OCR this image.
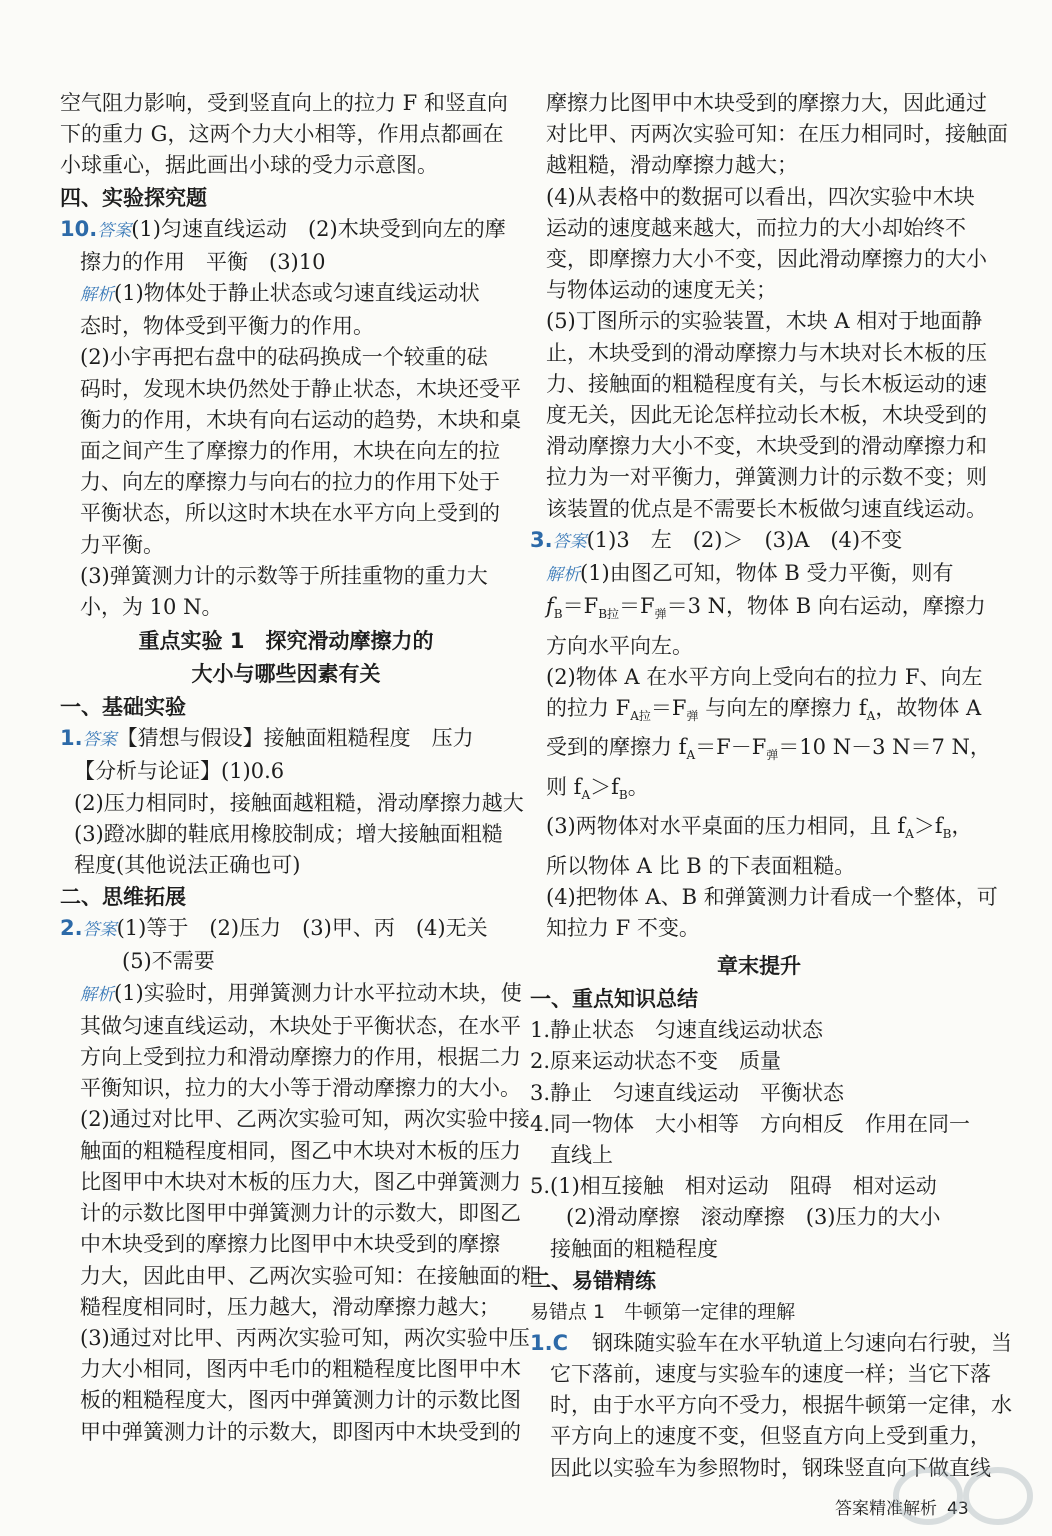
空气阻力影响，受到竖直向上的拉力 F 和竖直向
下的重力 G，这两个力大小相等，作用点都画在
小球重心，据此画出小球的受力示意图。
四、实验探究题
10.答案(1)匀速直线运动　(2)木块受到向左的摩
擦力的作用　平衡　(3)10
解析(1)物体处于静止状态或匀速直线运动状
态时，物体受到平衡力的作用。
(2)小宇再把右盘中的砝码换成一个较重的砝
码时，发现木块仍然处于静止状态，木块还受平
衡力的作用，木块有向右运动的趋势，木块和桌
面之间产生了摩擦力的作用，木块在向左的拉
力、向左的摩擦力与向右的拉力的作用下处于
平衡状态，所以这时木块在水平方向上受到的
力平衡。
(3)弹簧测力计的示数等于所挂重物的重力大
小，为 10 N。
重点实验 1　探究滑动摩擦力的
大小与哪些因素有关
一、基础实验
1.答案【猜想与假设】接触面粗糙程度　压力
【分析与论证】(1)0.6
(2)压力相同时，接触面越粗糙，滑动摩擦力越大
(3)蹬冰脚的鞋底用橡胶制成；增大接触面粗糙
程度(其他说法正确也可)
二、思维拓展
2.答案(1)等于　(2)压力　(3)甲、丙　(4)无关
(5)不需要
解析(1)实验时，用弹簧测力计水平拉动木块，使
其做匀速直线运动，木块处于平衡状态，在水平
方向上受到拉力和滑动摩擦力的作用，根据二力
平衡知识，拉力的大小等于滑动摩擦力的大小。
(2)通过对比甲、乙两次实验可知，两次实验中接
触面的粗糙程度相同，图乙中木块对木板的压力
比图甲中木块对木板的压力大，图乙中弹簧测力
计的示数比图甲中弹簧测力计的示数大，即图乙
中木块受到的摩擦力比图甲中木块受到的摩擦
力大，因此由甲、乙两次实验可知：在接触面的粗
糙程度相同时，压力越大，滑动摩擦力越大；
(3)通过对比甲、丙两次实验可知，两次实验中压
力大小相同，图丙中毛巾的粗糙程度比图甲中木
板的粗糙程度大，图丙中弹簧测力计的示数比图
甲中弹簧测力计的示数大，即图丙中木块受到的
摩擦力比图甲中木块受到的摩擦力大，因此通过
对比甲、丙两次实验可知：在压力相同时，接触面
越粗糙，滑动摩擦力越大；
(4)从表格中的数据可以看出，四次实验中木块
运动的速度越来越大，而拉力的大小却始终不
变，即摩擦力大小不变，因此滑动摩擦力的大小
与物体运动的速度无关；
(5)丁图所示的实验装置，木块 A 相对于地面静
止，木块受到的滑动摩擦力与木块对长木板的压
力、接触面的粗糙程度有关，与长木板运动的速
度无关，因此无论怎样拉动长木板，木块受到的
滑动摩擦力大小不变，木块受到的滑动摩擦力和
拉力为一对平衡力，弹簧测力计的示数不变；则
该装置的优点是不需要长木板做匀速直线运动。
3.答案(1)3　左　(2)＞　(3)A　(4)不变
解析(1)由图乙可知，物体 B 受力平衡，则有
$f_B=F_{B拉}=F_弹=3$ N，物体 B 向右运动，摩擦力
方向水平向左。
(2)物体 A 在水平方向上受向右的拉力 F、向左
的拉力 $F_{A拉}=F_弹$ 与向左的摩擦力 $f_A$，故物体 A
受到的摩擦力 $f_A=F-F_弹=10$ N－3 N＝7 N，
则 $f_A>f_B$。
(3)两物体对水平桌面的压力相同，且 $f_A>f_B$，
所以物体 A 比 B 的下表面粗糙。
(4)把物体 A、B 和弹簧测力计看成一个整体，可
知拉力 F 不变。
章末提升
一、重点知识总结
1.静止状态　匀速直线运动状态
2.原来运动状态不变　质量
3.静止　匀速直线运动　平衡状态
4.同一物体　大小相等　方向相反　作用在同一
直线上
5.(1)相互接触　相对运动　阻碍　相对运动
(2)滑动摩擦　滚动摩擦　(3)压力的大小
接触面的粗糙程度
二、易错精练
易错点 1　牛顿第一定律的理解
1.C 钢珠随实验车在水平轨道上匀速向右行驶，当
它下落前，速度与实验车的速度一样；当它下落
时，由于水平方向不受力，根据牛顿第一定律，水
平方向上的速度不变，但竖直方向上受到重力，
因此以实验车为参照物时，钢珠竖直向下做直线
答案精准解析 43
